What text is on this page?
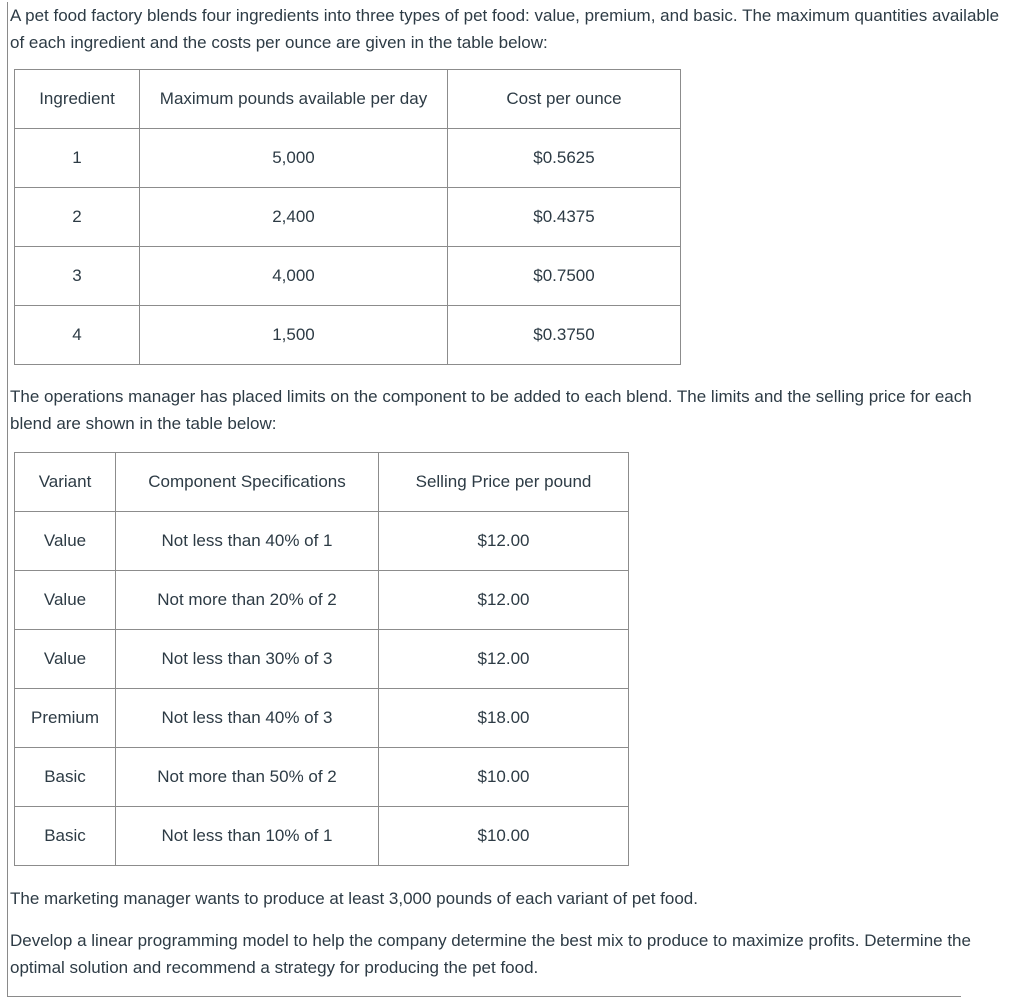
A pet food factory blends four ingredients into three types of pet food: value, premium, and basic. The maximum quantities available of each ingredient and the costs per ounce are given in the table below:

Ingredient	Maximum pounds available per day	Cost per ounce
1	5,000	$0.5625
2	2,400	$0.4375
3	4,000	$0.7500
4	1,500	$0.3750

The operations manager has placed limits on the component to be added to each blend. The limits and the selling price for each blend are shown in the table below:

Variant	Component Specifications	Selling Price per pound
Value	Not less than 40% of 1	$12.00
Value	Not more than 20% of 2	$12.00
Value	Not less than 30% of 3	$12.00
Premium	Not less than 40% of 3	$18.00
Basic	Not more than 50% of 2	$10.00
Basic	Not less than 10% of 1	$10.00

The marketing manager wants to produce at least 3,000 pounds of each variant of pet food.

Develop a linear programming model to help the company determine the best mix to produce to maximize profits. Determine the optimal solution and recommend a strategy for producing the pet food.
